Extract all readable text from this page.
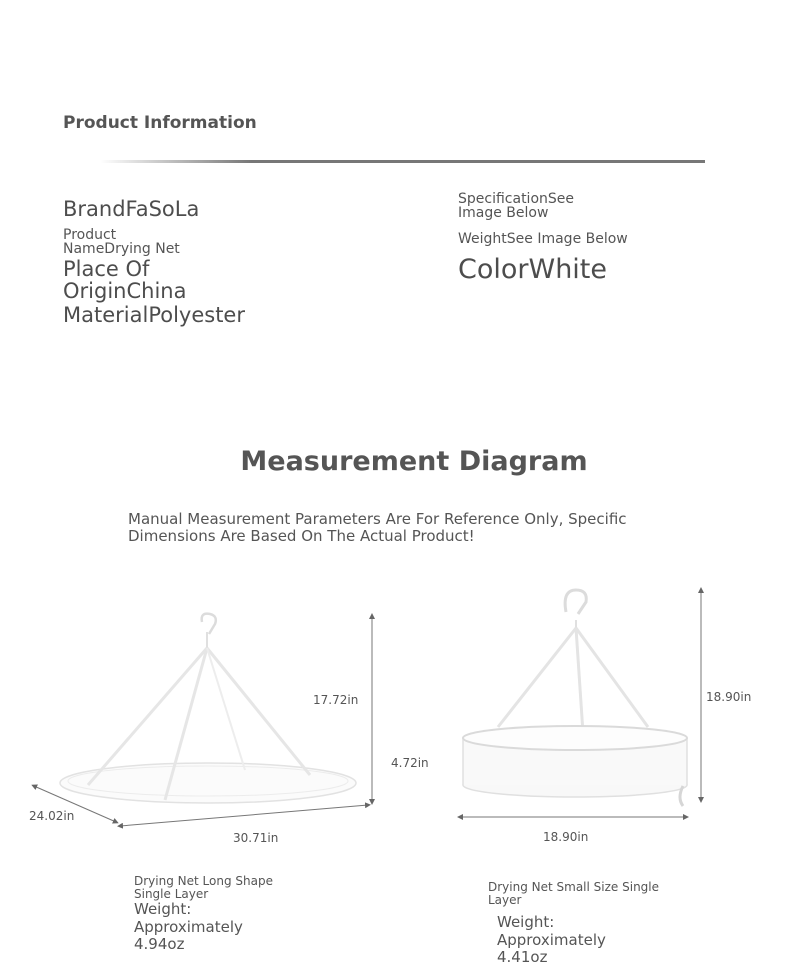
Product Information
BrandFaSoLa
Product NameDrying Net
Place Of OriginChina
MaterialPolyester
SpecificationSee Image Below
WeightSee Image Below
ColorWhite
Measurement Diagram
Manual Measurement Parameters Are For Reference Only, Specific Dimensions Are Based On The Actual Product!
17.72in
24.02in
30.71in
18.90in
4.72in
18.90in
Drying Net Long Shape Single Layer
Weight: Approximately 4.94oz
Drying Net Small Size Single Layer
Weight: Approximately 4.41oz
